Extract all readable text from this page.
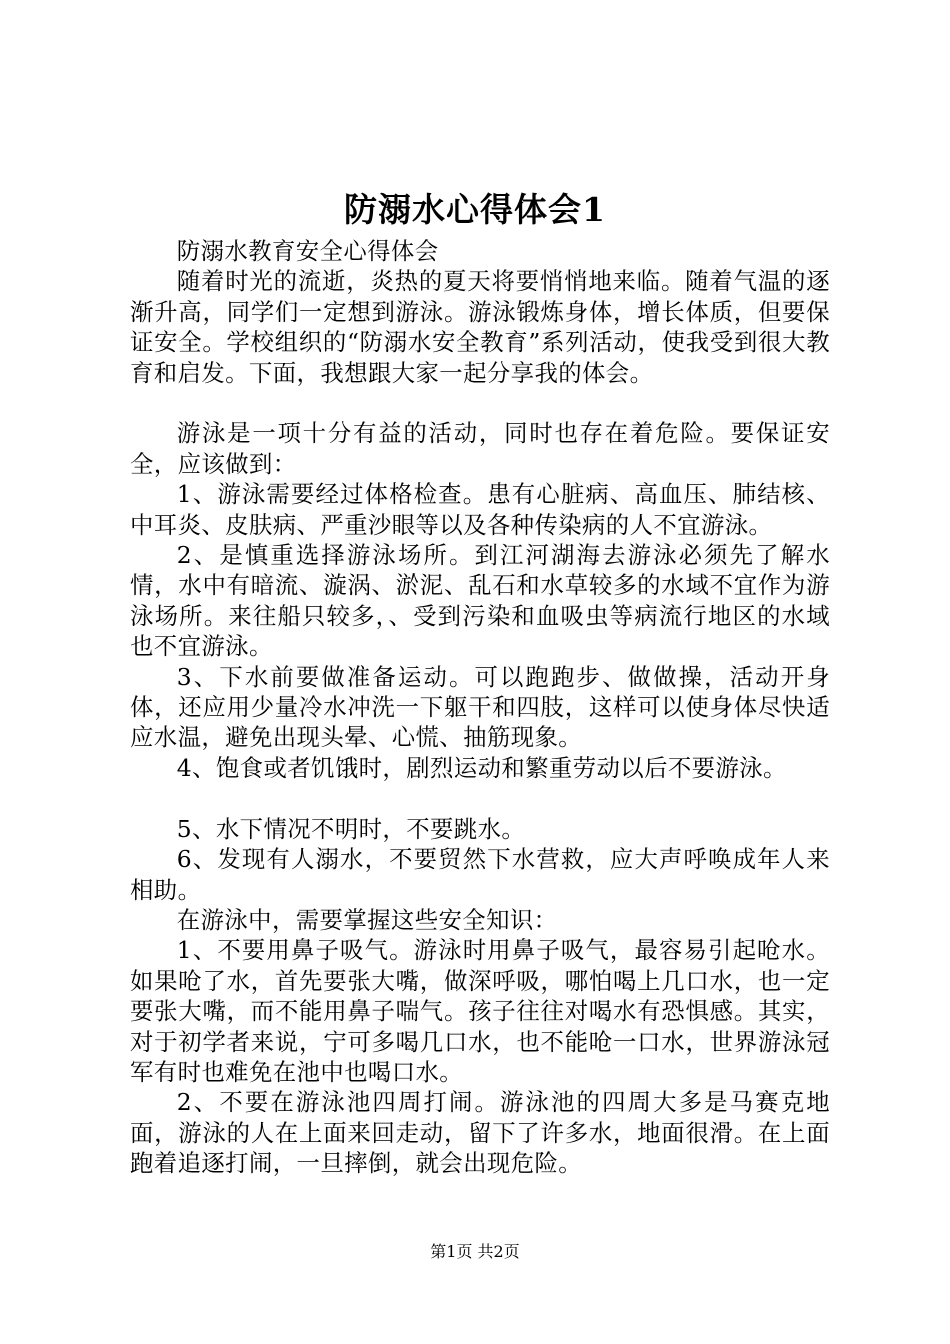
防溺水心得体会1

防溺水教育安全心得体会

随着时光的流逝，炎热的夏天将要悄悄地来临。随着气温的逐渐升高，同学们一定想到游泳。游泳锻炼身体，增长体质，但要保证安全。学校组织的“防溺水安全教育”系列活动，使我受到很大教育和启发。下面，我想跟大家一起分享我的体会。

游泳是一项十分有益的活动，同时也存在着危险。要保证安全，应该做到：

1、游泳需要经过体格检查。患有心脏病、高血压、肺结核、中耳炎、皮肤病、严重沙眼等以及各种传染病的人不宜游泳。

2、是慎重选择游泳场所。到江河湖海去游泳必须先了解水情，水中有暗流、漩涡、淤泥、乱石和水草较多的水域不宜作为游泳场所。来往船只较多，、受到污染和血吸虫等病流行地区的水域也不宜游泳。

3、下水前要做准备运动。可以跑跑步、做做操，活动开身体，还应用少量冷水冲洗一下躯干和四肢，这样可以使身体尽快适应水温，避免出现头晕、心慌、抽筋现象。

4、饱食或者饥饿时，剧烈运动和繁重劳动以后不要游泳。

5、水下情况不明时，不要跳水。

6、发现有人溺水，不要贸然下水营救，应大声呼唤成年人来相助。

在游泳中，需要掌握这些安全知识：

1、不要用鼻子吸气。游泳时用鼻子吸气，最容易引起呛水。如果呛了水，首先要张大嘴，做深呼吸，哪怕喝上几口水，也一定要张大嘴，而不能用鼻子喘气。孩子往往对喝水有恐惧感。其实，对于初学者来说，宁可多喝几口水，也不能呛一口水，世界游泳冠军有时也难免在池中也喝口水。

2、不要在游泳池四周打闹。游泳池的四周大多是马赛克地面，游泳的人在上面来回走动，留下了许多水，地面很滑。在上面跑着追逐打闹，一旦摔倒，就会出现危险。

第1页 共2页
